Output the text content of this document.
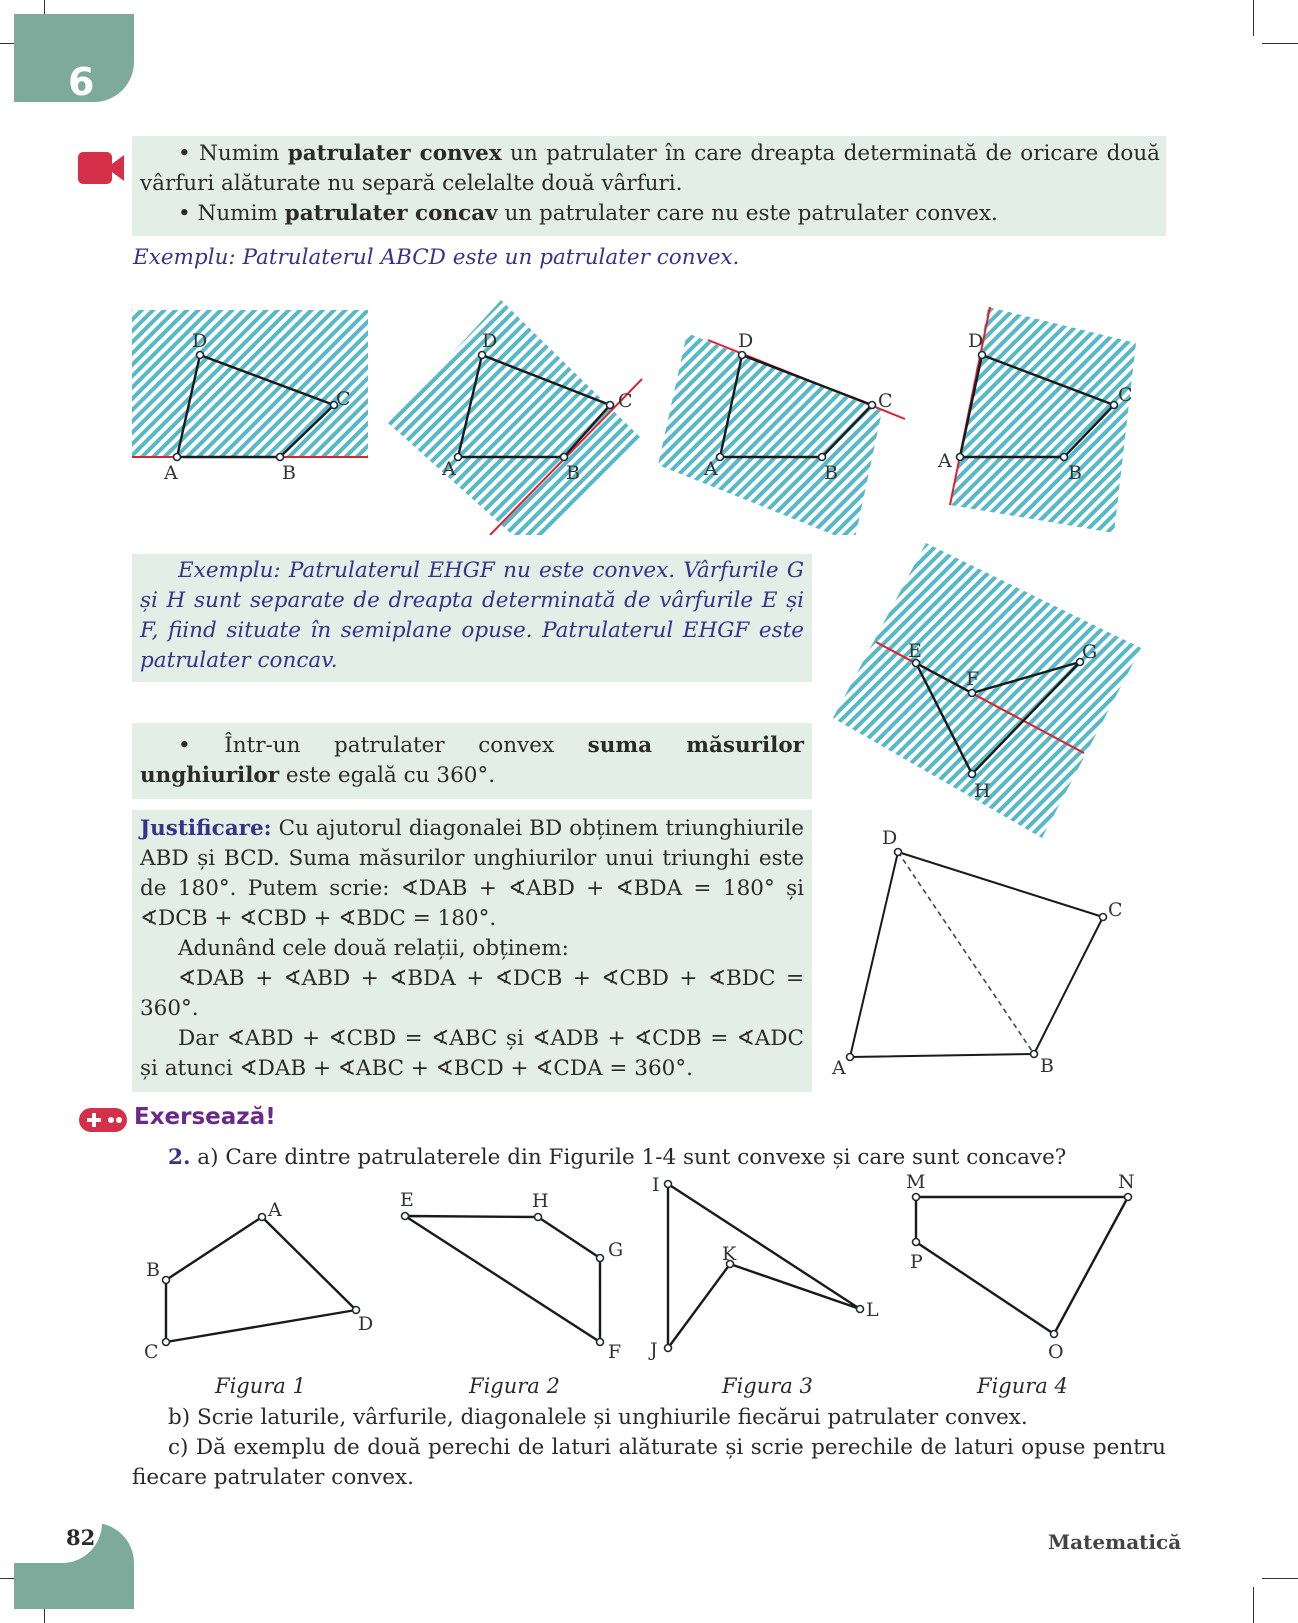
6
• Numim patrulater convex un patrulater în care dreapta determinată de oricare două vârfuri alăturate nu separă celelalte două vârfuri.
• Numim patrulater concav un patrulater care nu este patrulater convex.
Exemplu: Patrulaterul ABCD este un patrulater convex.
A	B
C
D
A	B
C
D
A	B
C
D
A
B
C
D
Exemplu: Patrulaterul EHGF nu este convex. Vârfurile G și H sunt separate de dreapta determinată de vârfurile E și F, fiind situate în semiplane opuse. Patrulaterul EHGF este patrulater concav.	E
F
G
H
• Într-un patrulater convex suma măsurilor unghiurilor este egală cu 360°.
Justificare: Cu ajutorul diagonalei BD obținem triunghiurile ABD și BCD. Suma măsurilor unghiurilor unui triunghi este de 180°. Putem scrie: ∢DAB + ∢ABD + ∢BDA = 180° și ∢DCB + ∢CBD + ∢BDC = 180°.
Adunând cele două relații, obținem:
∢DAB + ∢ABD + ∢BDA + ∢DCB + ∢CBD + ∢BDC = 360°.
Dar ∢ABD + ∢CBD = ∢ABC și ∢ADB + ∢CDB = ∢ADC și atunci ∢DAB + ∢ABC + ∢BCD + ∢CDA = 360°.	A	B
C
D
Exersează!
2. a) Care dintre patrulaterele din Figurile 1-4 sunt convexe și care sunt concave?
A
B
C
D
E	H
G
F
I
K
L
J
M	N
P
O
Figura 1	Figura 2	Figura 3	Figura 4
b) Scrie laturile, vârfurile, diagonalele și unghiurile fiecărui patrulater convex.
c) Dă exemplu de două perechi de laturi alăturate și scrie perechile de laturi opuse pentru fiecare patrulater convex.
82	Matematică
